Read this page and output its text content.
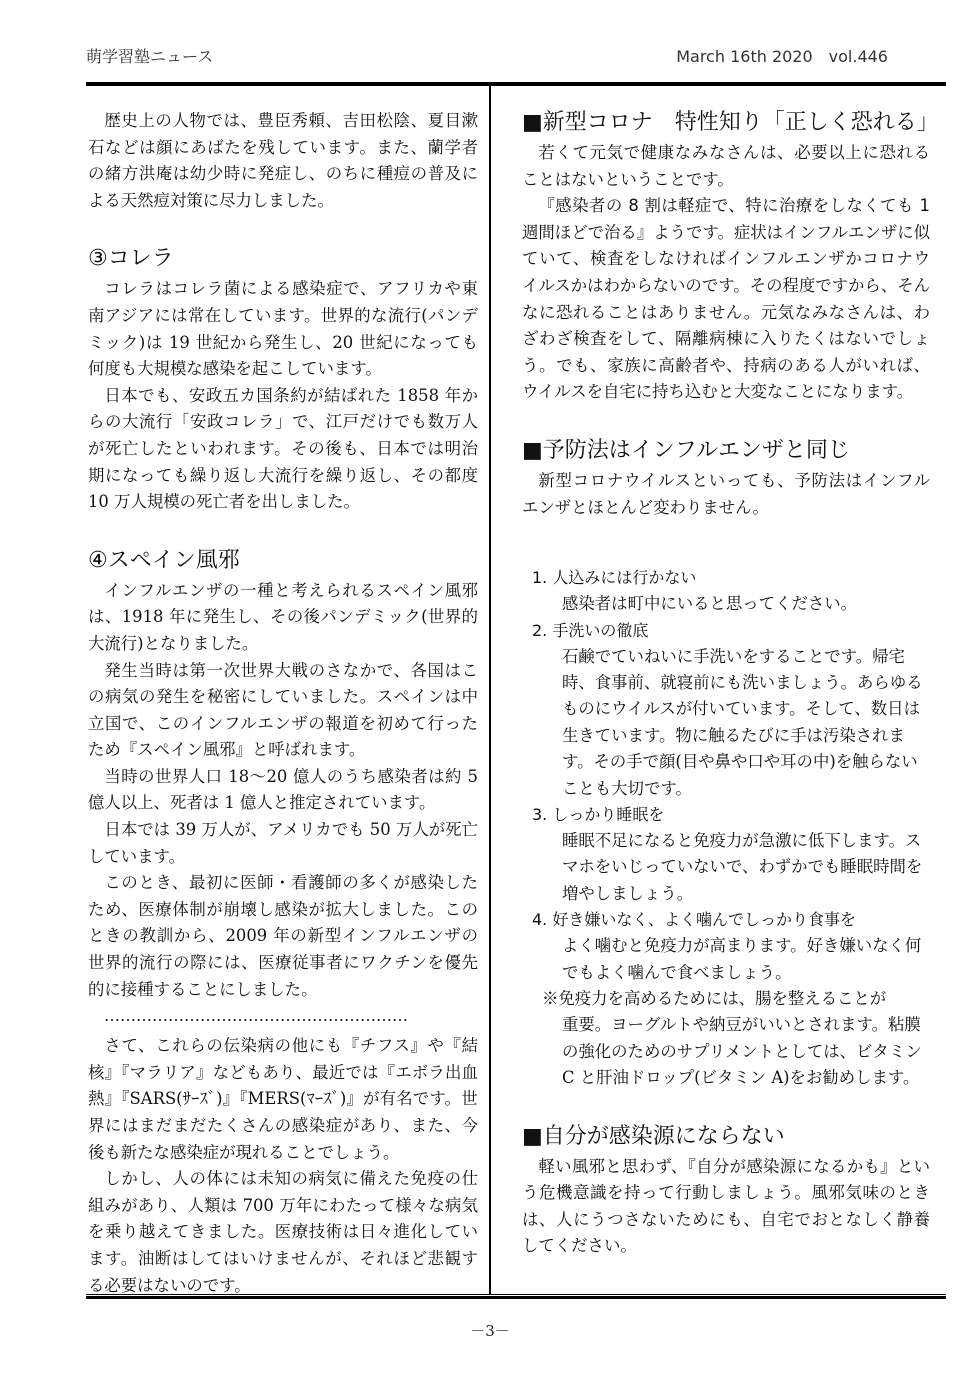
萌学習塾ニュース	March 16th 2020　vol.446

歴史上の人物では、豊臣秀頼、吉田松陰、夏目漱石などは顔にあばたを残しています。また、蘭学者の緒方洪庵は幼少時に発症し、のちに種痘の普及による天然痘対策に尽力しました。

③コレラ

コレラはコレラ菌による感染症で、アフリカや東南アジアには常在しています。世界的な流行(パンデミック)は 19 世紀から発生し、20 世紀になっても何度も大規模な感染を起こしています。

日本でも、安政五カ国条約が結ばれた 1858 年からの大流行「安政コレラ」で、江戸だけでも数万人が死亡したといわれます。その後も、日本では明治期になっても繰り返し大流行を繰り返し、その都度 10 万人規模の死亡者を出しました。

④スペイン風邪

インフルエンザの一種と考えられるスペイン風邪は、1918 年に発生し、その後パンデミック(世界的大流行)となりました。

発生当時は第一次世界大戦のさなかで、各国はこの病気の発生を秘密にしていました。スペインは中立国で、このインフルエンザの報道を初めて行ったため『スペイン風邪』と呼ばれます。

当時の世界人口 18～20 億人のうち感染者は約 5 億人以上、死者は 1 億人と推定されています。

日本では 39 万人が、アメリカでも 50 万人が死亡しています。

このとき、最初に医師・看護師の多くが感染したため、医療体制が崩壊し感染が拡大しました。このときの教訓から、2009 年の新型インフルエンザの世界的流行の際には、医療従事者にワクチンを優先的に接種することにしました。

…………………………………………………

さて、これらの伝染病の他にも『チフス』や『結核』『マラリア』などもあり、最近では『エボラ出血熱』『SARS(ｻｰｽﾞ)』『MERS(ﾏｰｽﾞ)』が有名です。世界にはまだまだたくさんの感染症があり、また、今後も新たな感染症が現れることでしょう。

しかし、人の体には未知の病気に備えた免疫の仕組みがあり、人類は 700 万年にわたって様々な病気を乗り越えてきました。医療技術は日々進化しています。油断はしてはいけませんが、それほど悲観する必要はないのです。

■新型コロナ　特性知り「正しく恐れる」

若くて元気で健康なみなさんは、必要以上に恐れることはないということです。

『感染者の 8 割は軽症で、特に治療をしなくても 1 週間ほどで治る』ようです。症状はインフルエンザに似ていて、検査をしなければインフルエンザかコロナウイルスかはわからないのです。その程度ですから、そんなに恐れることはありません。元気なみなさんは、わざわざ検査をして、隔離病棟に入りたくはないでしょう。でも、家族に高齢者や、持病のある人がいれば、ウイルスを自宅に持ち込むと大変なことになります。

■予防法はインフルエンザと同じ

新型コロナウイルスといっても、予防法はインフルエンザとほとんど変わりません。

1. 人込みには行かない
感染者は町中にいると思ってください。
2. 手洗いの徹底
石鹸でていねいに手洗いをすることです。帰宅時、食事前、就寝前にも洗いましょう。あらゆるものにウイルスが付いています。そして、数日は生きています。物に触るたびに手は汚染されます。その手で顔(目や鼻や口や耳の中)を触らないことも大切です。
3. しっかり睡眠を
睡眠不足になると免疫力が急激に低下します。スマホをいじっていないで、わずかでも睡眠時間を増やしましょう。
4. 好き嫌いなく、よく噛んでしっかり食事を
よく噛むと免疫力が高まります。好き嫌いなく何でもよく噛んで食べましょう。
※免疫力を高めるためには、腸を整えることが
重要。ヨーグルトや納豆がいいとされます。粘膜の強化のためのサプリメントとしては、ビタミン C と肝油ドロップ(ビタミン A)をお勧めします。
■自分が感染源にならない

軽い風邪と思わず、『自分が感染源になるかも』という危機意識を持って行動しましょう。風邪気味のときは、人にうつさないためにも、自宅でおとなしく静養してください。

－3－
